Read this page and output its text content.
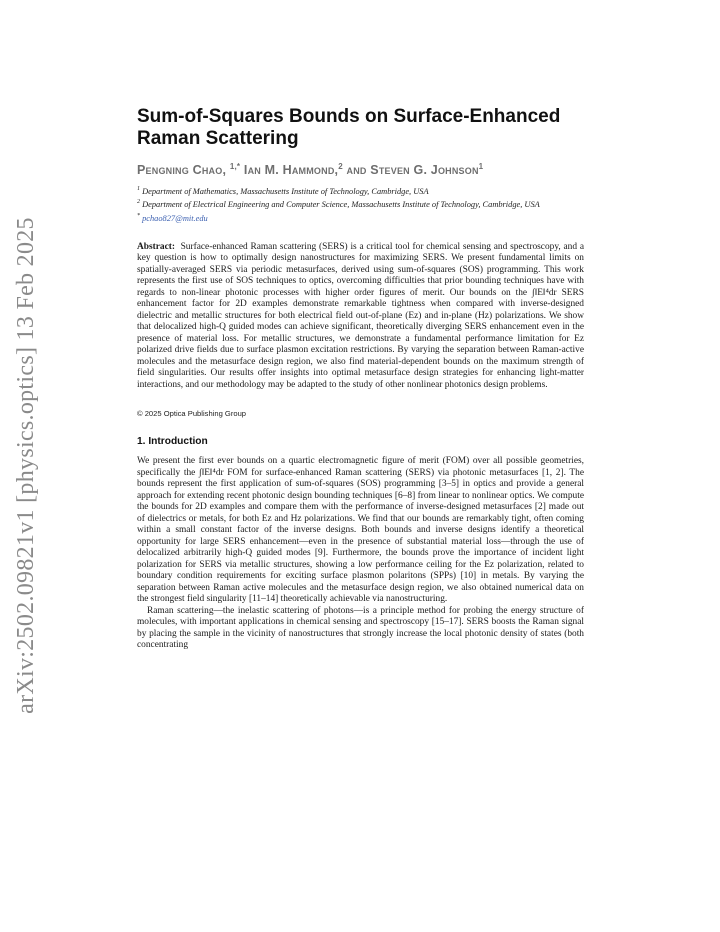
arXiv:2502.09821v1 [physics.optics] 13 Feb 2025
Sum-of-Squares Bounds on Surface-Enhanced Raman Scattering
Pengning Chao, $^{1,*}$ Ian M. Hammond,$^2$ and Steven G. Johnson$^1$
$^1$ Department of Mathematics, Massachusetts Institute of Technology, Cambridge, USA
$^2$ Department of Electrical Engineering and Computer Science, Massachusetts Institute of Technology, Cambridge, USA
* pchao827@mit.edu
Abstract: Surface-enhanced Raman scattering (SERS) is a critical tool for chemical sensing and spectroscopy, and a key question is how to optimally design nanostructures for maximizing SERS. We present fundamental limits on spatially-averaged SERS via periodic metasurfaces, derived using sum-of-squares (SOS) programming. This work represents the first use of SOS techniques to optics, overcoming difficulties that prior bounding techniques have with regards to non-linear photonic processes with higher order figures of merit. Our bounds on the ∫‖E‖⁴dr SERS enhancement factor for 2D examples demonstrate remarkable tightness when compared with inverse-designed dielectric and metallic structures for both electrical field out-of-plane (Ez) and in-plane (Hz) polarizations. We show that delocalized high-Q guided modes can achieve significant, theoretically diverging SERS enhancement even in the presence of material loss. For metallic structures, we demonstrate a fundamental performance limitation for Ez polarized drive fields due to surface plasmon excitation restrictions. By varying the separation between Raman-active molecules and the metasurface design region, we also find material-dependent bounds on the maximum strength of field singularities. Our results offer insights into optimal metasurface design strategies for enhancing light-matter interactions, and our methodology may be adapted to the study of other nonlinear photonics design problems.
© 2025 Optica Publishing Group
1. Introduction

We present the first ever bounds on a quartic electromagnetic figure of merit (FOM) over all possible geometries, specifically the ∫‖E‖⁴dr FOM for surface-enhanced Raman scattering (SERS) via photonic metasurfaces [1, 2]. The bounds represent the first application of sum-of-squares (SOS) programming [3–5] in optics and provide a general approach for extending recent photonic design bounding techniques [6–8] from linear to nonlinear optics. We compute the bounds for 2D examples and compare them with the performance of inverse-designed metasurfaces [2] made out of dielectrics or metals, for both Ez and Hz polarizations. We find that our bounds are remarkably tight, often coming within a small constant factor of the inverse designs. Both bounds and inverse designs identify a theoretical opportunity for large SERS enhancement—even in the presence of substantial material loss—through the use of delocalized arbitrarily high-Q guided modes [9]. Furthermore, the bounds prove the importance of incident light polarization for SERS via metallic structures, showing a low performance ceiling for the Ez polarization, related to boundary condition requirements for exciting surface plasmon polaritons (SPPs) [10] in metals. By varying the separation between Raman active molecules and the metasurface design region, we also obtained numerical data on the strongest field singularity [11–14] theoretically achievable via nanostructuring.

Raman scattering—the inelastic scattering of photons—is a principle method for probing the energy structure of molecules, with important applications in chemical sensing and spectroscopy [15–17]. SERS boosts the Raman signal by placing the sample in the vicinity of nanostructures that strongly increase the local photonic density of states (both concentrating
